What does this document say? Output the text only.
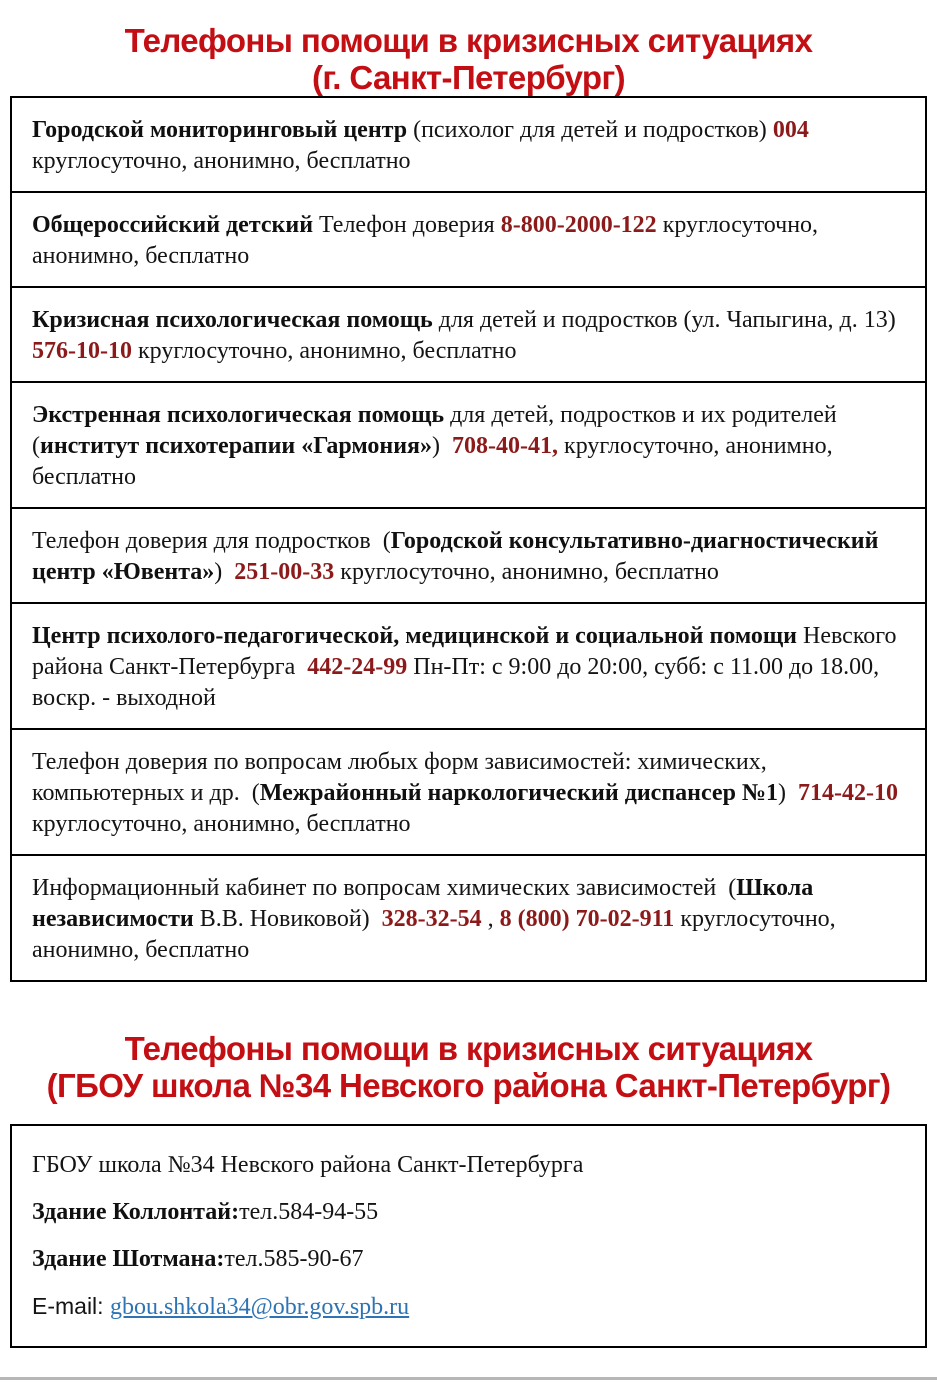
Телефоны помощи в кризисных ситуациях
(г. Санкт-Петербург)
Городской мониторинговый центр (психолог для детей и подростков) 004 круглосуточно, анонимно, бесплатно
Общероссийский детский Телефон доверия 8-800-2000-122 круглосуточно, анонимно, бесплатно
Кризисная психологическая помощь для детей и подростков (ул. Чапыгина, д. 13)  576-10-10 круглосуточно, анонимно, бесплатно
Экстренная психологическая помощь для детей, подростков и их родителей (институт психотерапии «Гармония»)  708-40-41, круглосуточно, анонимно, бесплатно
Телефон доверия для подростков  (Городской консультативно-диагностический центр «Ювента»)  251-00-33 круглосуточно, анонимно, бесплатно
Центр психолого-педагогической, медицинской и социальной помощи Невского района Санкт-Петербурга  442-24-99 Пн-Пт: с 9:00 до 20:00, субб: с 11.00 до 18.00, воскр. - выходной
Телефон доверия по вопросам любых форм зависимостей: химических, компьютерных и др.  (Межрайонный наркологический диспансер №1)  714-42-10  круглосуточно, анонимно, бесплатно
Информационный кабинет по вопросам химических зависимостей  (Школа независимости В.В. Новиковой)  328-32-54 , 8 (800) 70-02-911 круглосуточно, анонимно, бесплатно
Телефоны помощи в кризисных ситуациях
(ГБОУ школа №34 Невского района Санкт-Петербург)

ГБОУ школа №34 Невского района Санкт-Петербурга

Здание Коллонтай:тел.584-94-55

Здание Шотмана:тел.585-90-67

E-mail: gbou.shkola34@obr.gov.spb.ru
